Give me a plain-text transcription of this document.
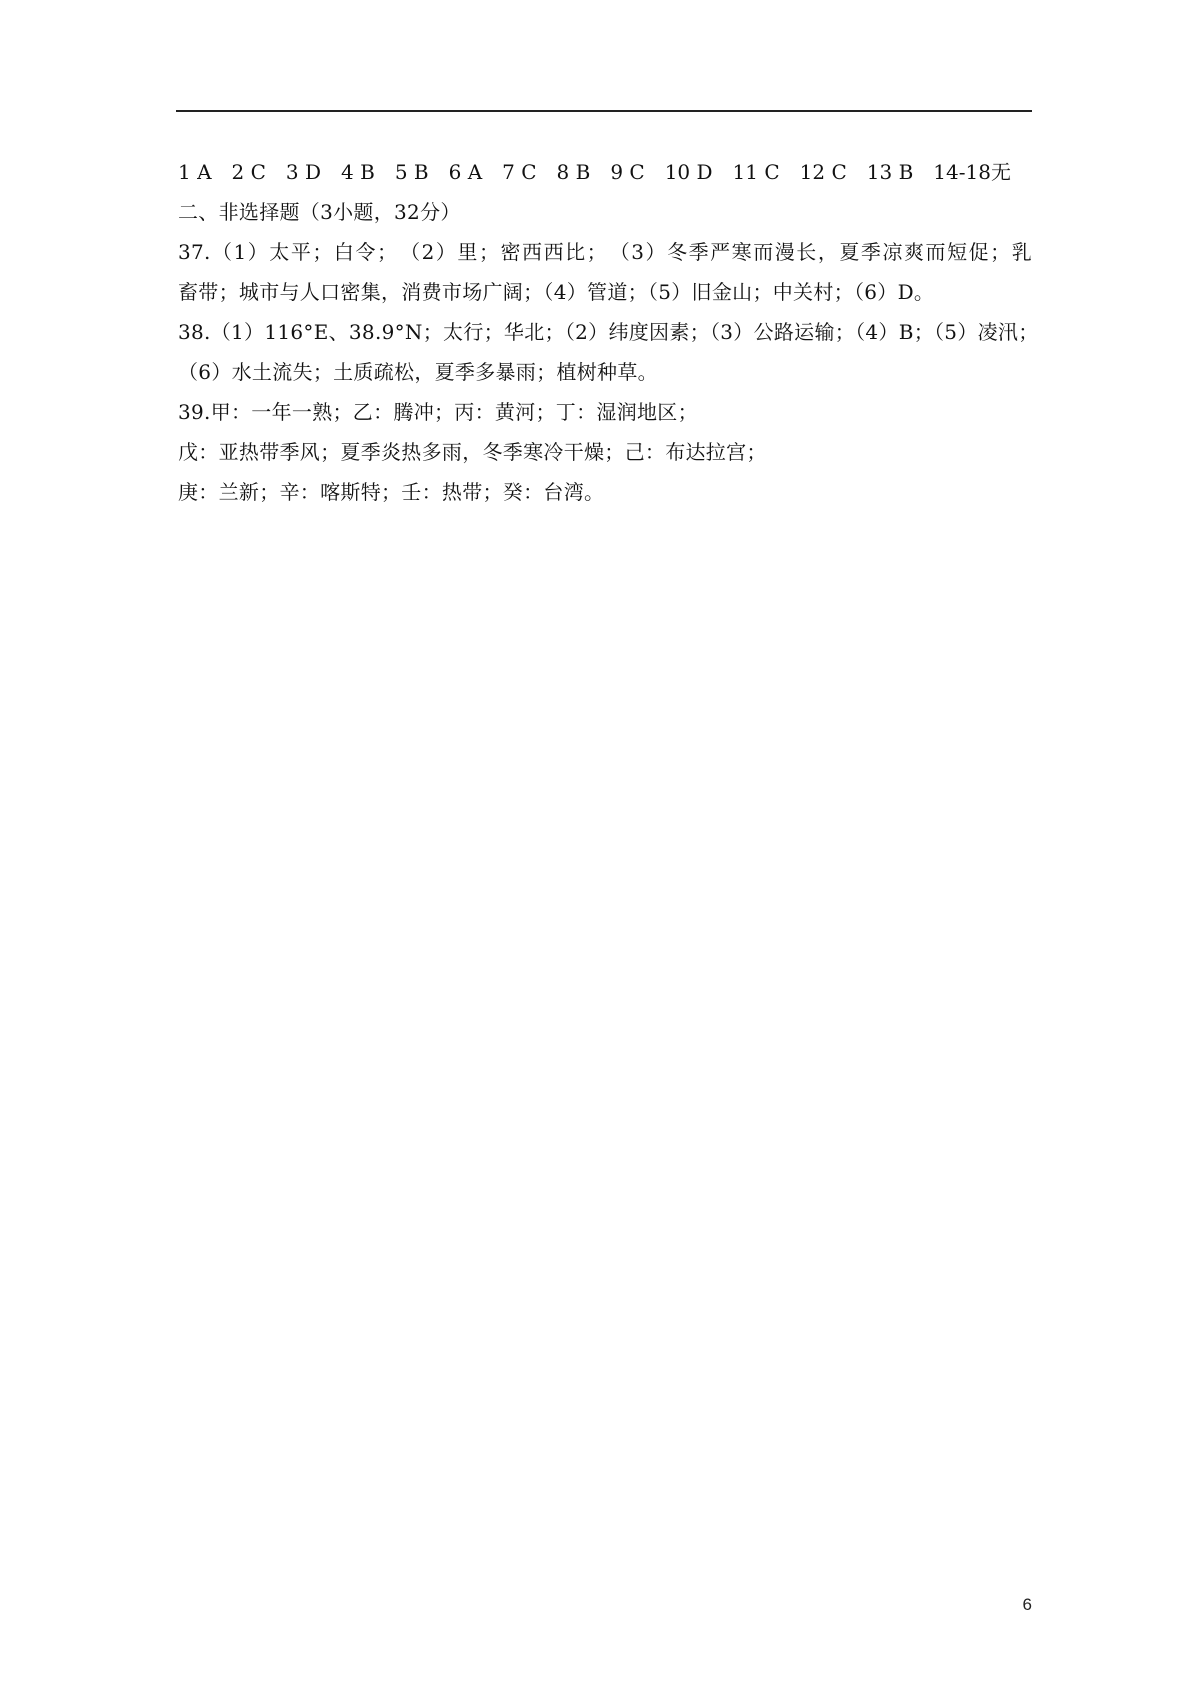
1 A 2 C 3 D 4 B 5 B 6 A 7 C 8 B 9 C 10 D 11 C 12 C 13 B 14-18无
二、非选择题（3小题，32分）
37.（1）太平；白令；　（2）里；密西西比；　（3）冬季严寒而漫长，夏季凉爽而短促；乳
畜带；城市与人口密集，消费市场广阔；（4）管道；（5）旧金山；中关村；（6）D。
38.（1）116°E、38.9°N；太行；华北；（2）纬度因素；（3）公路运输；（4）B；（5）凌汛；
（6）水土流失；土质疏松，夏季多暴雨；植树种草。
39.甲：一年一熟；乙：腾冲；丙：黄河；丁：湿润地区；
戊：亚热带季风；夏季炎热多雨，冬季寒冷干燥；己：布达拉宫；
庚：兰新；辛：喀斯特；壬：热带；癸：台湾。
6
